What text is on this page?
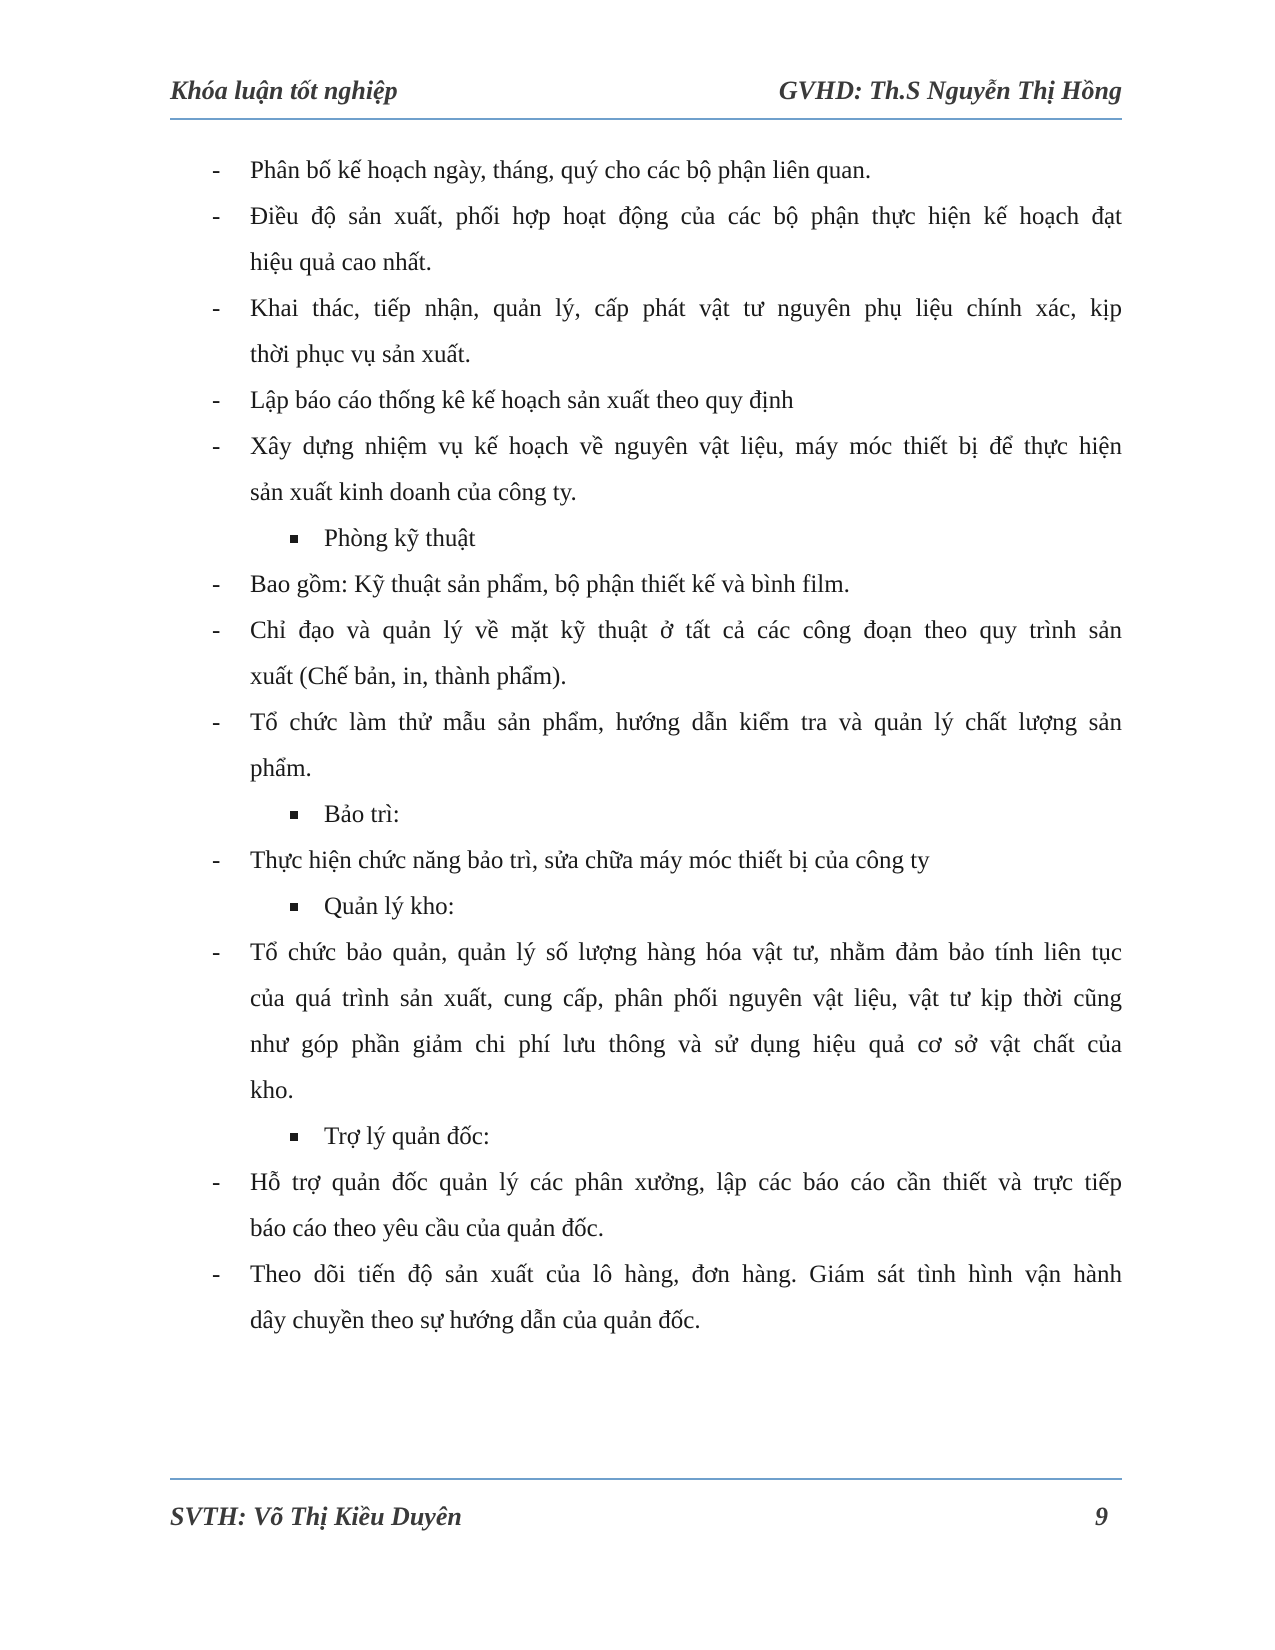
Khóa luận tốt nghiệp	GVHD: Th.S Nguyễn Thị Hồng
- Phân bố kế hoạch ngày, tháng, quý cho các bộ phận liên quan.
- Điều độ sản xuất, phối hợp hoạt động của các bộ phận thực hiện kế hoạch đạt
hiệu quả cao nhất.
- Khai thác, tiếp nhận, quản lý, cấp phát vật tư nguyên phụ liệu chính xác, kịp
thời phục vụ sản xuất.
- Lập báo cáo thống kê kế hoạch sản xuất theo quy định
- Xây dựng nhiệm vụ kế hoạch về nguyên vật liệu, máy móc thiết bị để thực hiện
sản xuất kinh doanh của công ty.
Phòng kỹ thuật
- Bao gồm: Kỹ thuật sản phẩm, bộ phận thiết kế và bình film.
- Chỉ đạo và quản lý về mặt kỹ thuật ở tất cả các công đoạn theo quy trình sản
xuất (Chế bản, in, thành phẩm).
- Tổ chức làm thử mẫu sản phẩm, hướng dẫn kiểm tra và quản lý chất lượng sản
phẩm.
Bảo trì:
- Thực hiện chức năng bảo trì, sửa chữa máy móc thiết bị của công ty
Quản lý kho:
- Tổ chức bảo quản, quản lý số lượng hàng hóa vật tư, nhằm đảm bảo tính liên tục
của quá trình sản xuất, cung cấp, phân phối nguyên vật liệu, vật tư kịp thời cũng
như góp phần giảm chi phí lưu thông và sử dụng hiệu quả cơ sở vật chất của
kho.
Trợ lý quản đốc:
- Hỗ trợ quản đốc quản lý các phân xưởng, lập các báo cáo cần thiết và trực tiếp
báo cáo theo yêu cầu của quản đốc.
- Theo dõi tiến độ sản xuất của lô hàng, đơn hàng. Giám sát tình hình vận hành
dây chuyền theo sự hướng dẫn của quản đốc.
SVTH: Võ Thị Kiều Duyên	9
